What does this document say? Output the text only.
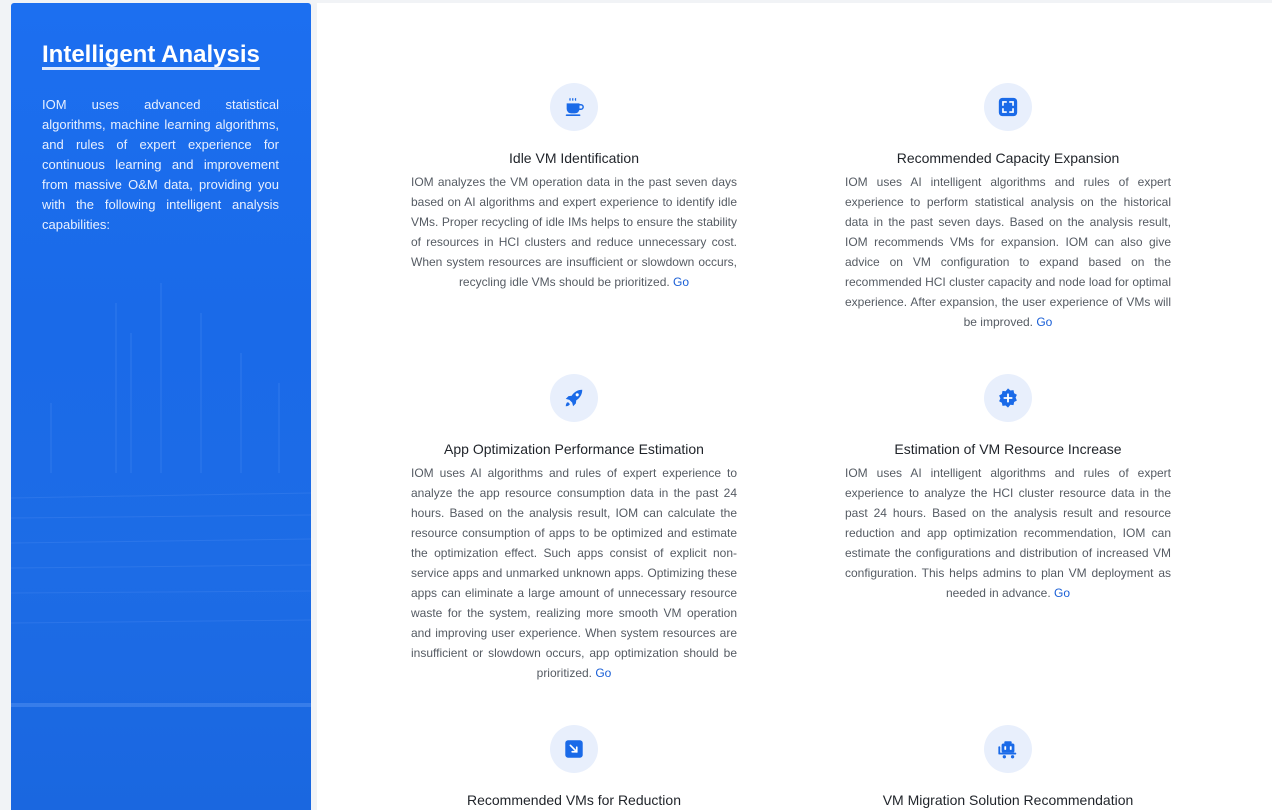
Intelligent Analysis

IOM uses advanced statistical algorithms, machine learning algorithms, and rules of expert experience for continuous learning and improvement from massive O&M data, providing you with the following intelligent analysis capabilities:

Idle VM Identification

IOM analyzes the VM operation data in the past seven days based on AI algorithms and expert experience to identify idle VMs. Proper recycling of idle IMs helps to ensure the stability of resources in HCI clusters and reduce unnecessary cost. When system resources are insufficient or slowdown occurs, recycling idle VMs should be prioritized. Go

Recommended Capacity Expansion

IOM uses AI intelligent algorithms and rules of expert experience to perform statistical analysis on the historical data in the past seven days. Based on the analysis result, IOM recommends VMs for expansion. IOM can also give advice on VM configuration to expand based on the recommended HCI cluster capacity and node load for optimal experience. After expansion, the user experience of VMs will be improved. Go

App Optimization Performance Estimation

IOM uses AI algorithms and rules of expert experience to analyze the app resource consumption data in the past 24 hours. Based on the analysis result, IOM can calculate the resource consumption of apps to be optimized and estimate the optimization effect. Such apps consist of explicit non-service apps and unmarked unknown apps. Optimizing these apps can eliminate a large amount of unnecessary resource waste for the system, realizing more smooth VM operation and improving user experience. When system resources are insufficient or slowdown occurs, app optimization should be prioritized. Go

Estimation of VM Resource Increase

IOM uses AI intelligent algorithms and rules of expert experience to analyze the HCI cluster resource data in the past 24 hours. Based on the analysis result and resource reduction and app optimization recommendation, IOM can estimate the configurations and distribution of increased VM configuration. This helps admins to plan VM deployment as needed in advance. Go

Recommended VMs for Reduction	VM Migration Solution Recommendation
